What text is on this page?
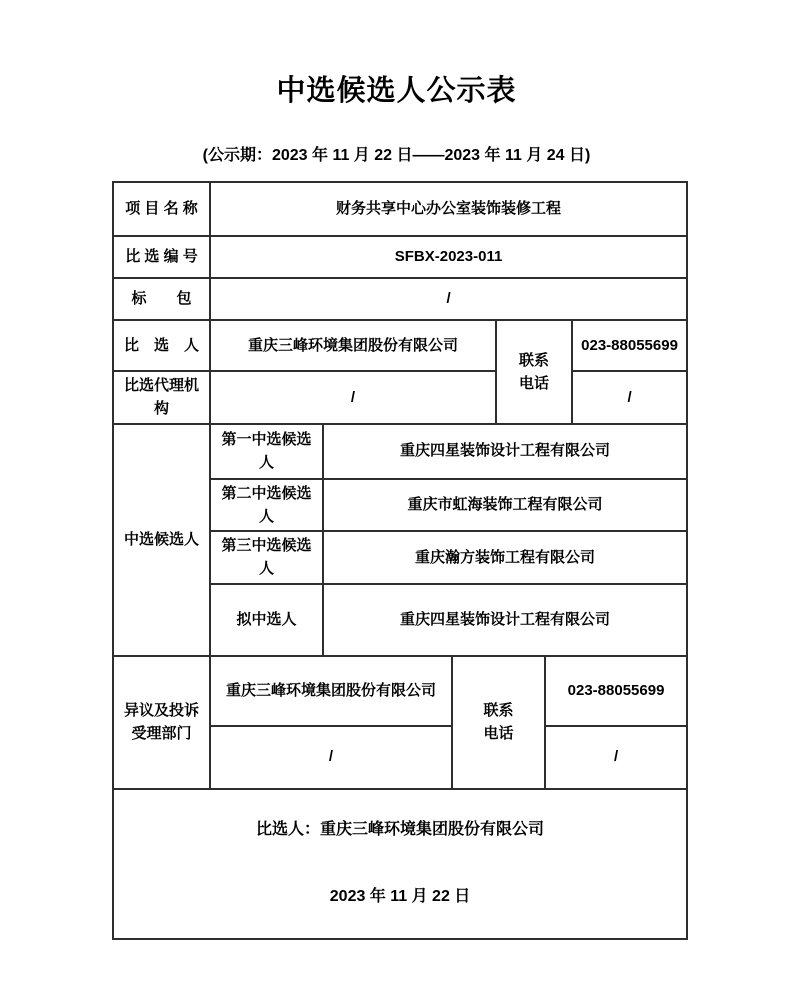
中选候选人公示表
(公示期：2023 年 11 月 22 日——2023 年 11 月 24 日)
项 目 名 称	财务共享中心办公室装饰装修工程					
比 选 编 号	SFBX-2023-011					
标　　包	/					
比　选　人	重庆三峰环境集团股份有限公司			联系电话		023-88055699
比选代理机构	/					/
中选候选人	第一中选候选人	重庆四星装饰设计工程有限公司				
	第二中选候选人	重庆市虹海装饰工程有限公司				
	第三中选候选人	重庆瀚方装饰工程有限公司				
	拟中选人	重庆四星装饰设计工程有限公司				
异议及投诉受理部门	重庆三峰环境集团股份有限公司		联系电话		023-88055699	
	/				/	

比选人：重庆三峰环境集团股份有限公司
2023 年 11 月 22 日						
